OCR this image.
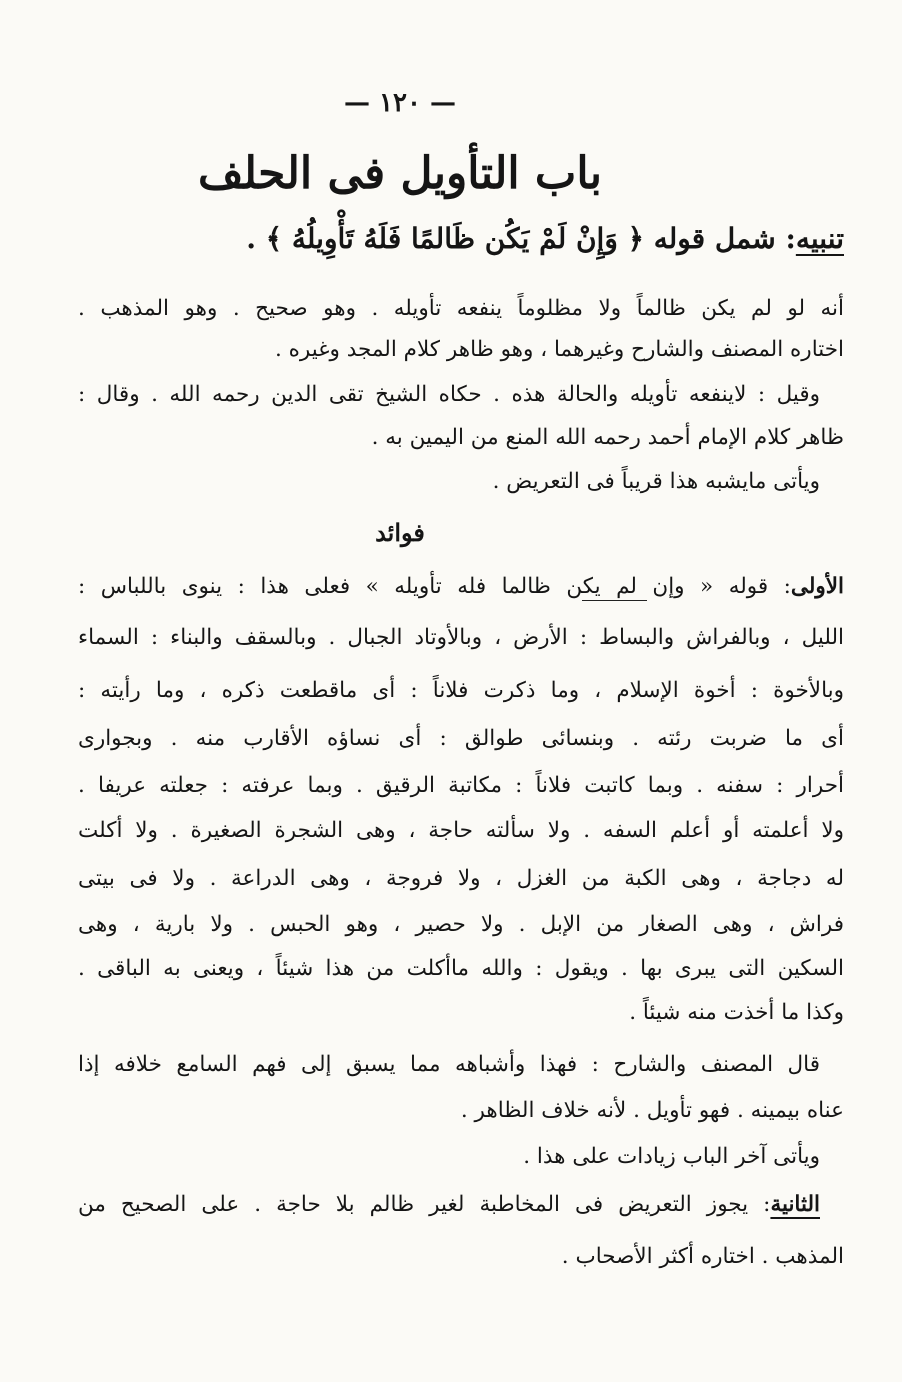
— ١٢٠ —
باب التأويل فى الحلف
تنبيه: شمل قوله ﴿ وَإِنْ لَمْ يَكُن ظَالمًا فَلَهُ تَأْوِيلُهُ ﴾ .
أنه لو لم يكن ظالماً ولا مظلوماً ينفعه تأويله . وهو صحيح . وهو المذهب .
اختاره المصنف والشارح وغيرهما ، وهو ظاهر كلام المجد وغيره .
وقيل : لاينفعه تأويله والحالة هذه . حكاه الشيخ تقى الدين رحمه الله . وقال :
ظاهر كلام الإمام أحمد رحمه الله المنع من اليمين به .
ويأتى مايشبه هذا قريباً فى التعريض .
فوائد
الأولى: قوله « وإن لم يكن ظالما فله تأويله » فعلى هذا : ينوى باللباس :
الليل ، وبالفراش والبساط : الأرض ، وبالأوتاد الجبال . وبالسقف والبناء : السماء
وبالأخوة : أخوة الإسلام ، وما ذكرت فلاناً : أى ماقطعت ذكره ، وما رأيته :
أى ما ضربت رئته . وبنسائى طوالق : أى نساؤه الأقارب منه . وبجوارى
أحرار : سفنه . وبما كاتبت فلاناً : مكاتبة الرقيق . وبما عرفته : جعلته عريفا .
ولا أعلمته أو أعلم السفه . ولا سألته حاجة ، وهى الشجرة الصغيرة . ولا أكلت
له دجاجة ، وهى الكبة من الغزل ، ولا فروجة ، وهى الدراعة . ولا فى بيتى
فراش ، وهى الصغار من الإبل . ولا حصير ، وهو الحبس . ولا بارية ، وهى
السكين التى يبرى بها . ويقول : والله ماأكلت من هذا شيئاً ، ويعنى به الباقى .
وكذا ما أخذت منه شيئاً .
قال المصنف والشارح : فهذا وأشباهه مما يسبق إلى فهم السامع خلافه إذا
عناه بيمينه . فهو تأويل . لأنه خلاف الظاهر .
ويأتى آخر الباب زيادات على هذا .
الثانية: يجوز التعريض فى المخاطبة لغير ظالم بلا حاجة . على الصحيح من
المذهب . اختاره أكثر الأصحاب .
